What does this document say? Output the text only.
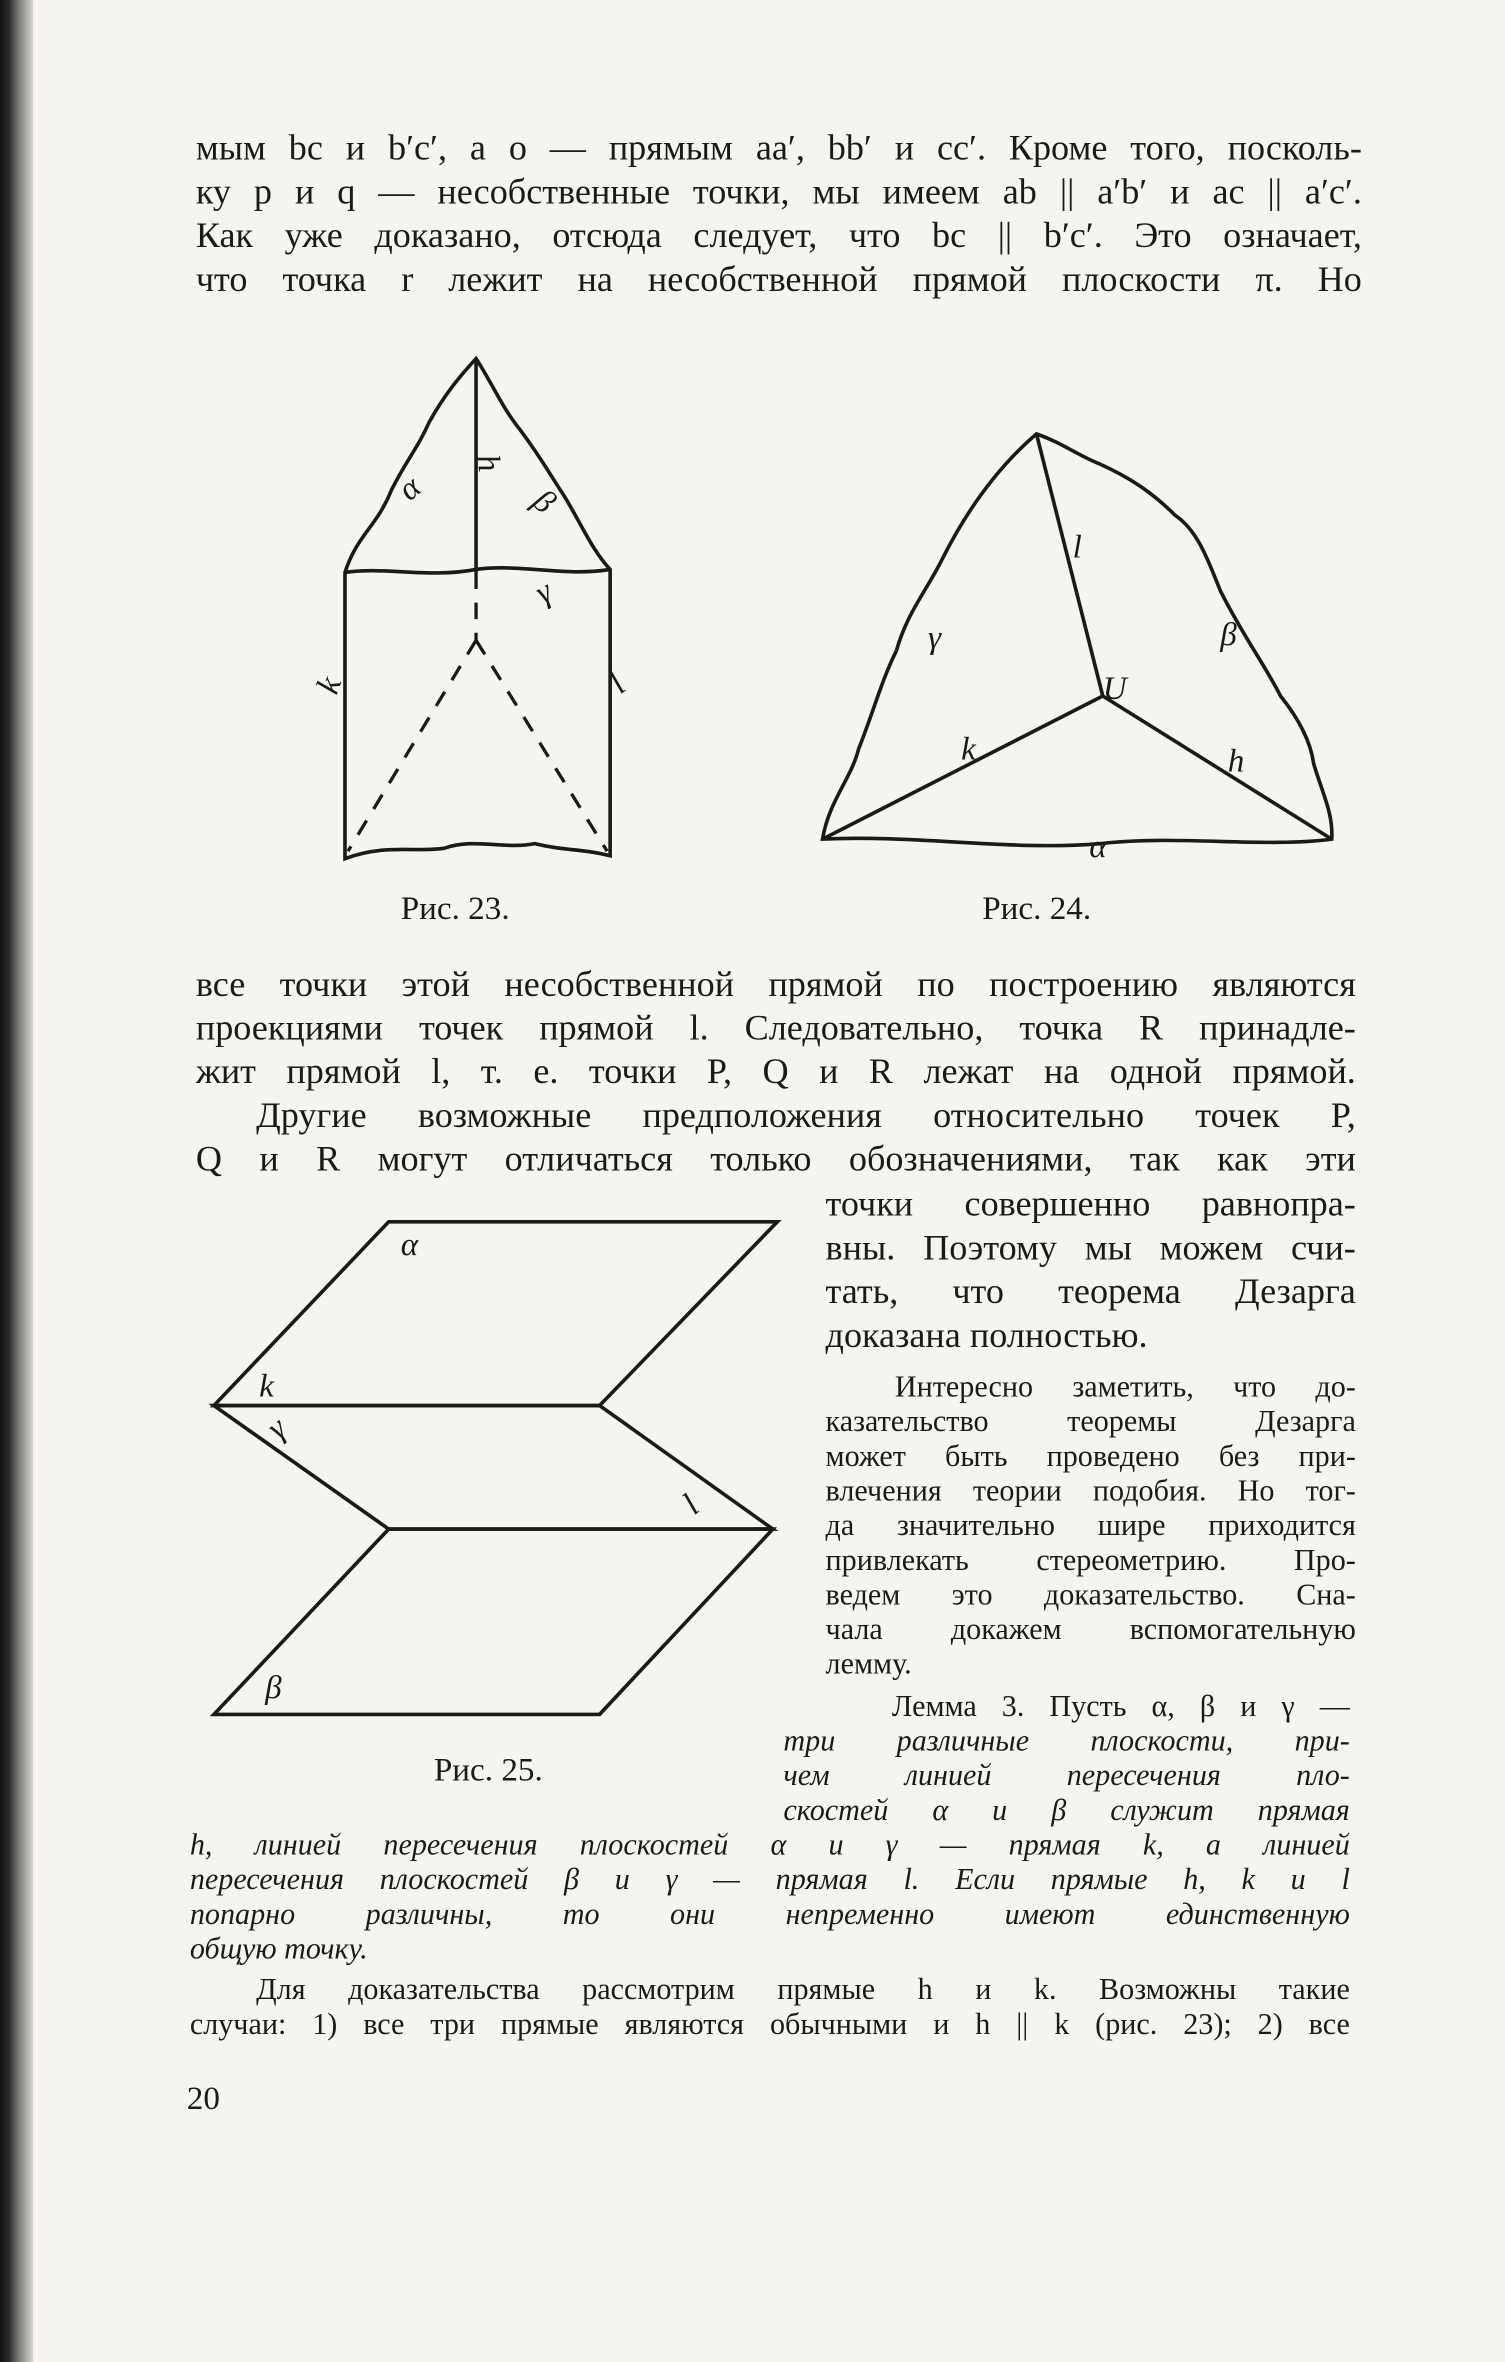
мым bc и b′c′, а o — прямым aa′, bb′ и cc′. Кроме того, посколь-
ку p и q — несобственные точки, мы имеем ab || a′b′ и ac || a′c′.
Как уже доказано, отсюда следует, что bc || b′c′. Это означает,
что точка r лежит на несобственной прямой плоскости π. Но
α
h
β
γ
k	l
Рис. 23.
l
γ	β
U
k	h
α
Рис. 24.
все точки этой несобственной прямой по построению являются
проекциями точек прямой l. Следовательно, точка R принадле-
жит прямой l, т. е. точки P, Q и R лежат на одной прямой.
Другие возможные предположения относительно точек P,
Q и R могут отличаться только обозначениями, так как эти
точки совершенно равнопра-
вны. Поэтому мы можем счи-
тать, что теорема Дезарга
доказана полностью.
α
k
γ
l
β
Интересно заметить, что до-
казательство теоремы Дезарга
может быть проведено без при-
влечения теории подобия. Но тог-
да значительно шире приходится
привлекать стереометрию. Про-
ведем это доказательство. Сна-
чала докажем вспомогательную
лемму.
Рис. 25.
Лемма 3. Пусть α, β и γ —
три различные плоскости, при-
чем линией пересечения пло-
скостей α и β служит прямая
h, линией пересечения плоскостей α и γ — прямая k, а линией
пересечения плоскостей β и γ — прямая l. Если прямые h, k и l
попарно различны, то они непременно имеют единственную
общую точку.
Для доказательства рассмотрим прямые h и k. Возможны такие
случаи: 1) все три прямые являются обычными и h || k (рис. 23); 2) все
20
